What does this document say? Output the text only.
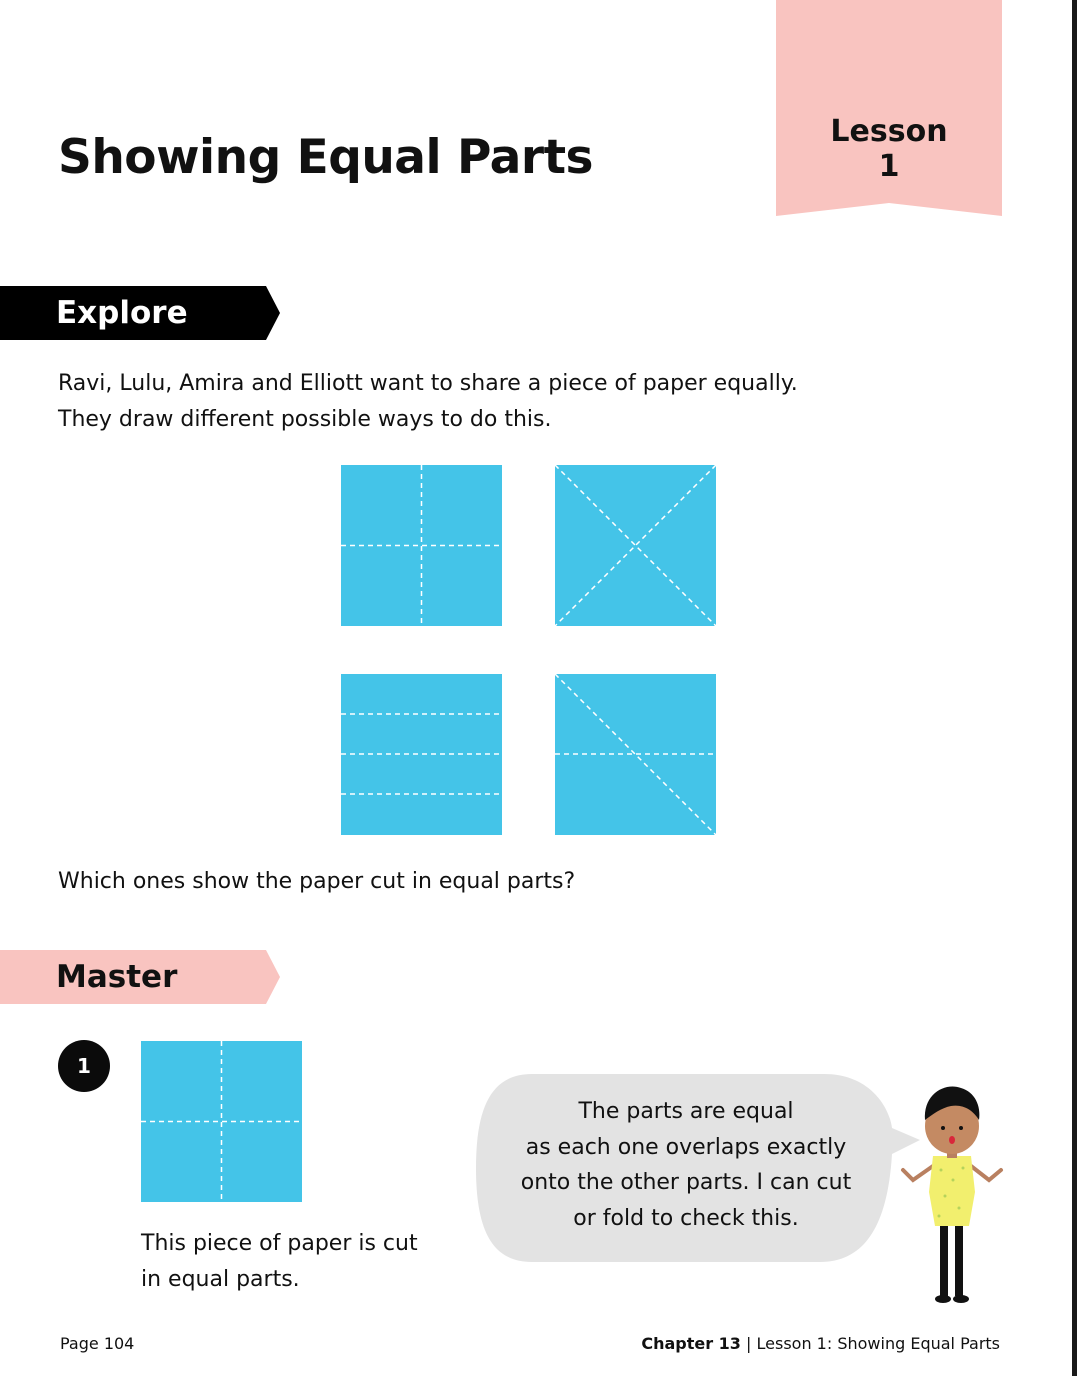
Showing Equal Parts	Lesson
1
Explore
Ravi, Lulu, Amira and Elliott want to share a piece of paper equally.
They draw different possible ways to do this.
Which ones show the paper cut in equal parts?
Master
1
This piece of paper is cut
in equal parts.
The parts are equal
as each one overlaps exactly
onto the other parts. I can cut
or fold to check this.
Page 104	Chapter 13 | Lesson 1: Showing Equal Parts
